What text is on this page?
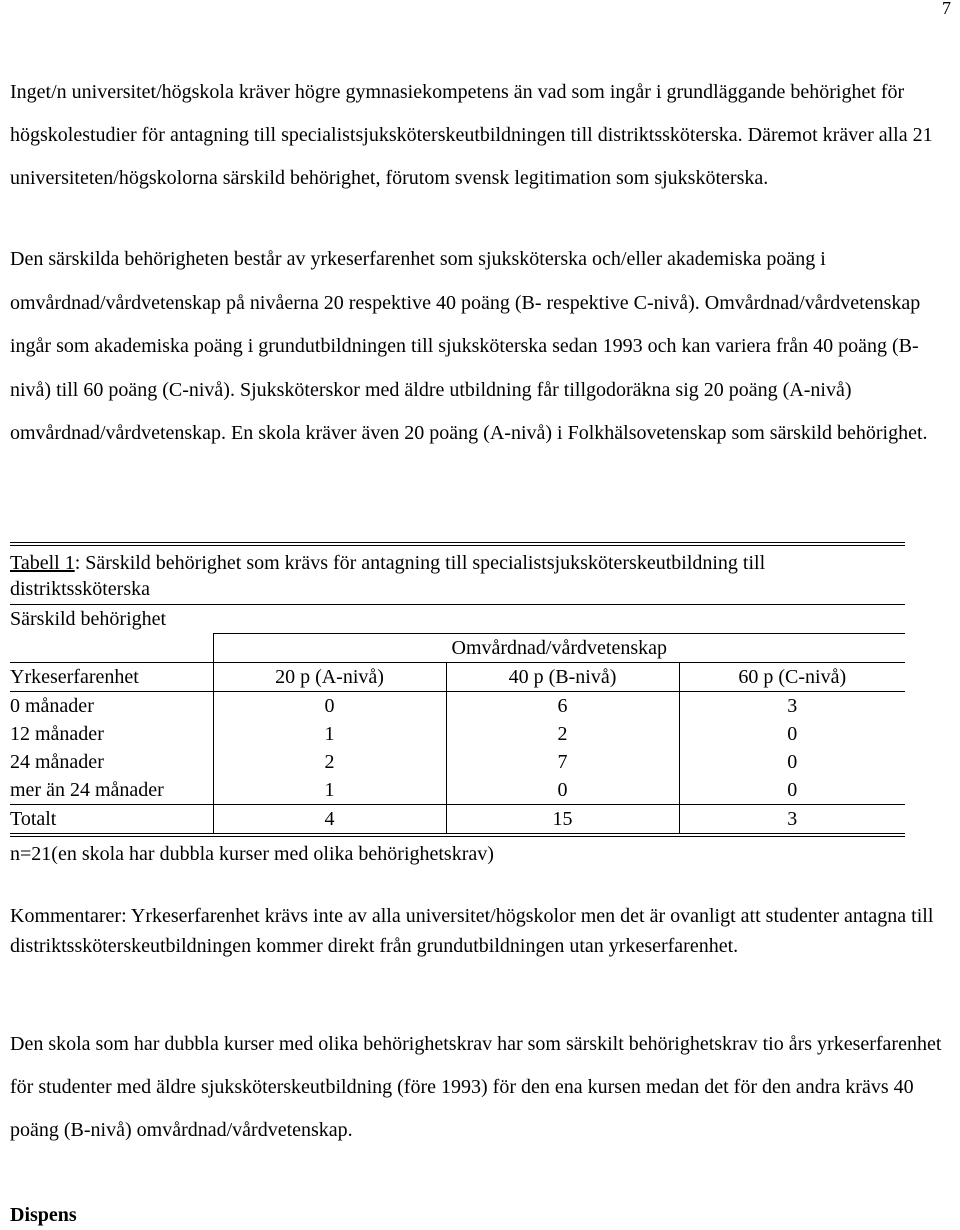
7

Inget/n universitet/högskola kräver högre gymnasiekompetens än vad som ingår i grundläggande behörighet för högskolestudier för antagning till specialistsjuksköterskeutbildningen till distriktssköterska. Däremot kräver alla 21 universiteten/högskolorna särskild behörighet, förutom svensk legitimation som sjuksköterska.

Den särskilda behörigheten består av yrkeserfarenhet som sjuksköterska och/eller akademiska poäng i omvårdnad/vårdvetenskap på nivåerna 20 respektive 40 poäng (B- respektive C-nivå). Omvårdnad/vårdvetenskap ingår som akademiska poäng i grundutbildningen till sjuksköterska sedan 1993 och kan variera från 40 poäng (B-nivå) till 60 poäng (C-nivå). Sjuksköterskor med äldre utbildning får tillgodoräkna sig 20 poäng (A-nivå) omvårdnad/vårdvetenskap. En skola kräver även 20 poäng (A-nivå) i Folkhälsovetenskap som särskild behörighet.

Tabell 1: Särskild behörighet som krävs för antagning till specialistsjuksköterskeutbildning till distriktssköterska
Särskild behörighet			
	Omvårdnad/vårdvetenskap		
Yrkeserfarenhet	20 p (A-nivå)	40 p (B-nivå)	60 p (C-nivå)
0 månader	0	6	3
12 månader	1	2	0
24 månader	2	7	0
mer än 24 månader	1	0	0
Totalt	4	15	3
n=21(en skola har dubbla kurser med olika behörighetskrav)

Kommentarer: Yrkeserfarenhet krävs inte av alla universitet/högskolor men det är ovanligt att studenter antagna till distriktssköterskeutbildningen kommer direkt från grundutbildningen utan yrkeserfarenhet.

Den skola som har dubbla kurser med olika behörighetskrav har som särskilt behörighetskrav tio års yrkeserfarenhet för studenter med äldre sjuksköterskeutbildning (före 1993) för den ena kursen medan det för den andra krävs 40 poäng (B-nivå) omvårdnad/vårdvetenskap.

Dispens
